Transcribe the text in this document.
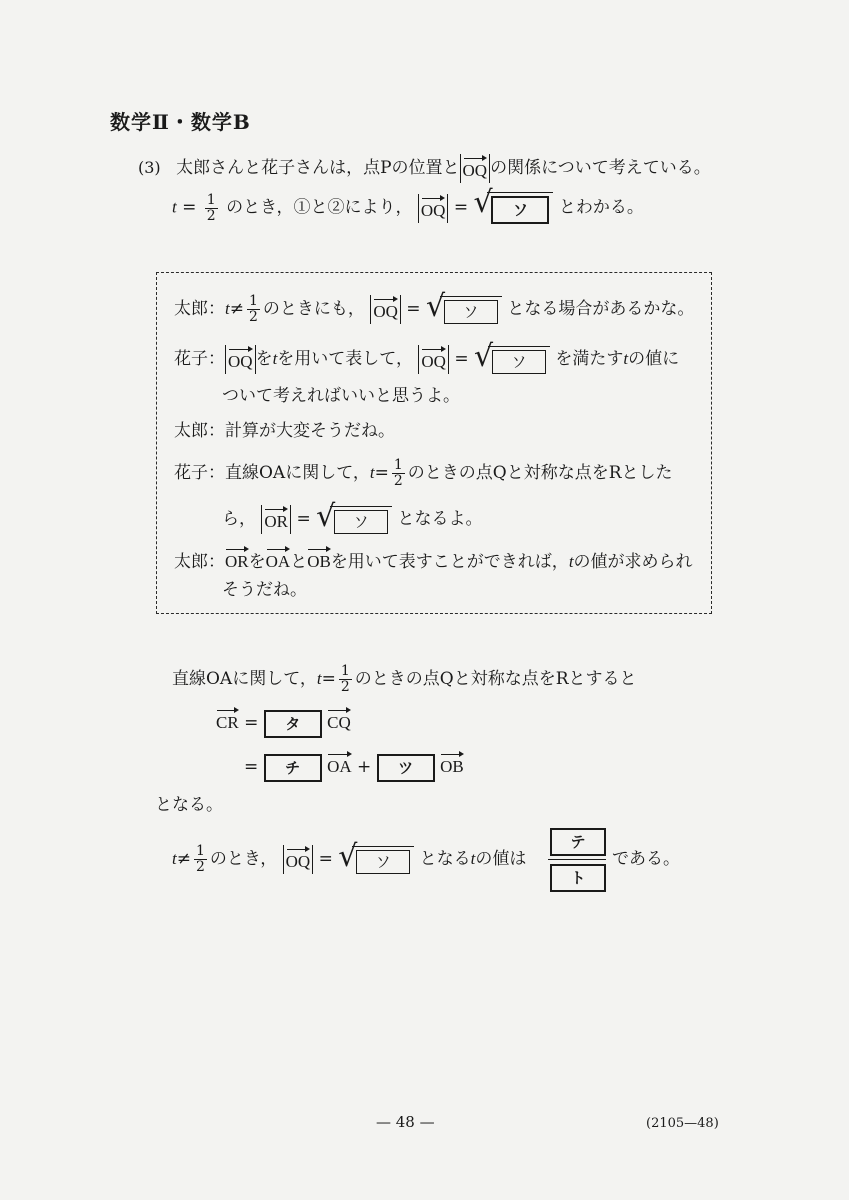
数学Ⅱ・数学B
(3) 太郎さんと花子さんは，点Pの位置と OQ の関係について考えている。
$t = \frac{1}{2}$ のとき，①と②により， OQ = √ ソ とわかる。
太郎：$t\ne \frac{1}{2}$ のときにも， OQ = √ ソ となる場合があるかな。
花子： OQ をtを用いて表して， OQ = √ ソ を満たすtの値に
ついて考えればいいと思うよ。
太郎：計算が大変そうだね。
花子：直線OAに関して，$t= \frac{1}{2}$ のときの点Qと対称な点をRとした
ら， OR = √ ソ となるよ。
太郎：ORをOAとOBを用いて表すことができれば，tの値が求められ
そうだね。
直線OAに関して，$t= \frac{1}{2}$ のときの点Qと対称な点をRとすると
CR = タ CQ
= チ OA + ツ OB
となる。
$t\ne \frac{1}{2}$ のとき， OQ = √ ソ となるtの値は
テ
ト
である。
— 48 —	(2105—48)
